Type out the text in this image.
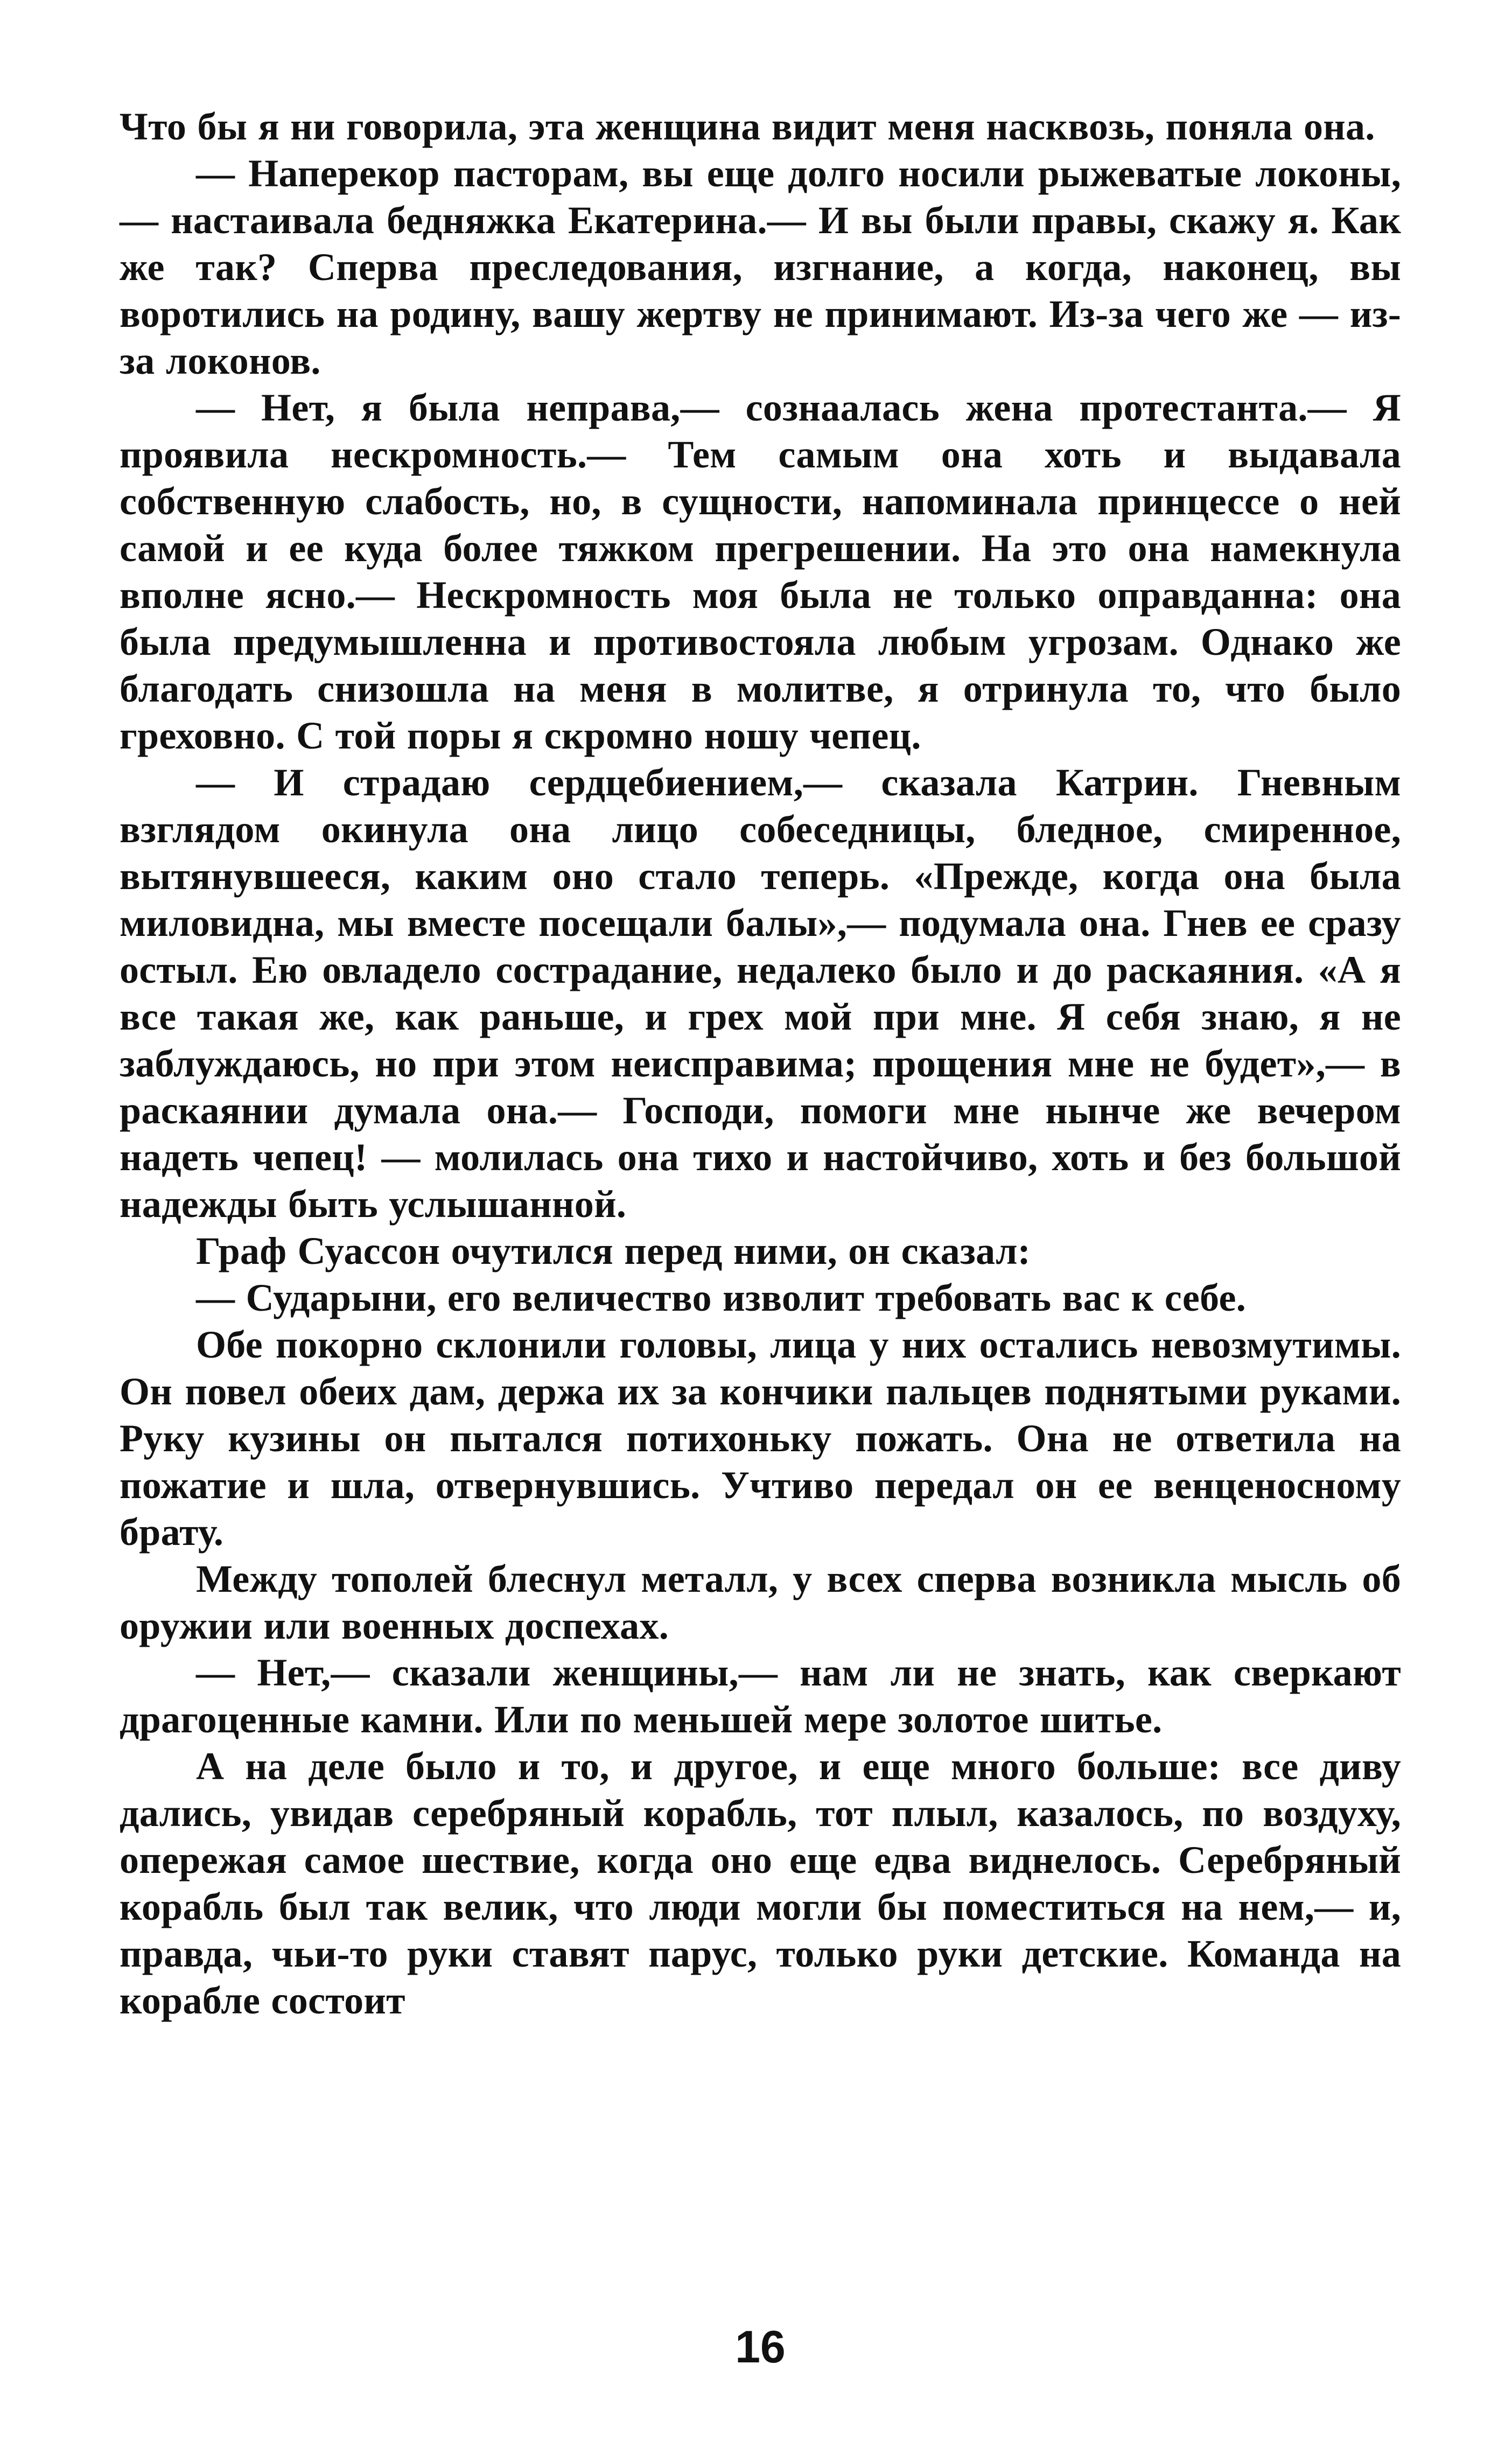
Что бы я ни говорила, эта женщина видит меня насквозь, поняла она.

— Наперекор пасторам, вы еще долго носили рыжеватые локоны,— настаивала бедняжка Екатерина.— И вы были правы, скажу я. Как же так? Сперва преследования, изгнание, а когда, наконец, вы воротились на родину, вашу жертву не принимают. Из-за чего же — из-за локонов.

— Нет, я была неправа,— сознаалась жена протестанта.— Я проявила нескромность.— Тем самым она хоть и выдавала собственную слабость, но, в сущности, напоминала принцессе о ней самой и ее куда более тяжком прегрешении. На это она намекнула вполне ясно.— Нескромность моя была не только оправданна: она была предумышленна и противостояла любым угрозам. Однако же благодать снизошла на меня в молитве, я отринула то, что было греховно. С той поры я скромно ношу чепец.

— И страдаю сердцебиением,— сказала Катрин. Гневным взглядом окинула она лицо собеседницы, бледное, смиренное, вытянувшееся, каким оно стало теперь. «Прежде, когда она была миловидна, мы вместе посещали балы»,— подумала она. Гнев ее сразу остыл. Ею овладело сострадание, недалеко было и до раскаяния. «А я все такая же, как раньше, и грех мой при мне. Я себя знаю, я не заблуждаюсь, но при этом неисправима; прощения мне не будет»,— в раскаянии думала она.— Господи, помоги мне нынче же вечером надеть чепец! — молилась она тихо и настойчиво, хоть и без большой надежды быть услышанной.

Граф Суассон очутился перед ними, он сказал:

— Сударыни, его величество изволит требовать вас к себе.

Обе покорно склонили головы, лица у них остались невозмутимы. Он повел обеих дам, держа их за кончики пальцев поднятыми руками. Руку кузины он пытался потихоньку пожать. Она не ответила на пожатие и шла, отвернувшись. Учтиво передал он ее венценосному брату.

Между тополей блеснул металл, у всех сперва возникла мысль об оружии или военных доспехах.

— Нет,— сказали женщины,— нам ли не знать, как сверкают драгоценные камни. Или по меньшей мере золотое шитье.

А на деле было и то, и другое, и еще много больше: все диву дались, увидав серебряный корабль, тот плыл, казалось, по воздуху, опережая самое шествие, когда оно еще едва виднелось. Серебряный корабль был так велик, что люди могли бы поместиться на нем,— и, правда, чьи-то руки ставят парус, только руки детские. Команда на корабле состоит

16
